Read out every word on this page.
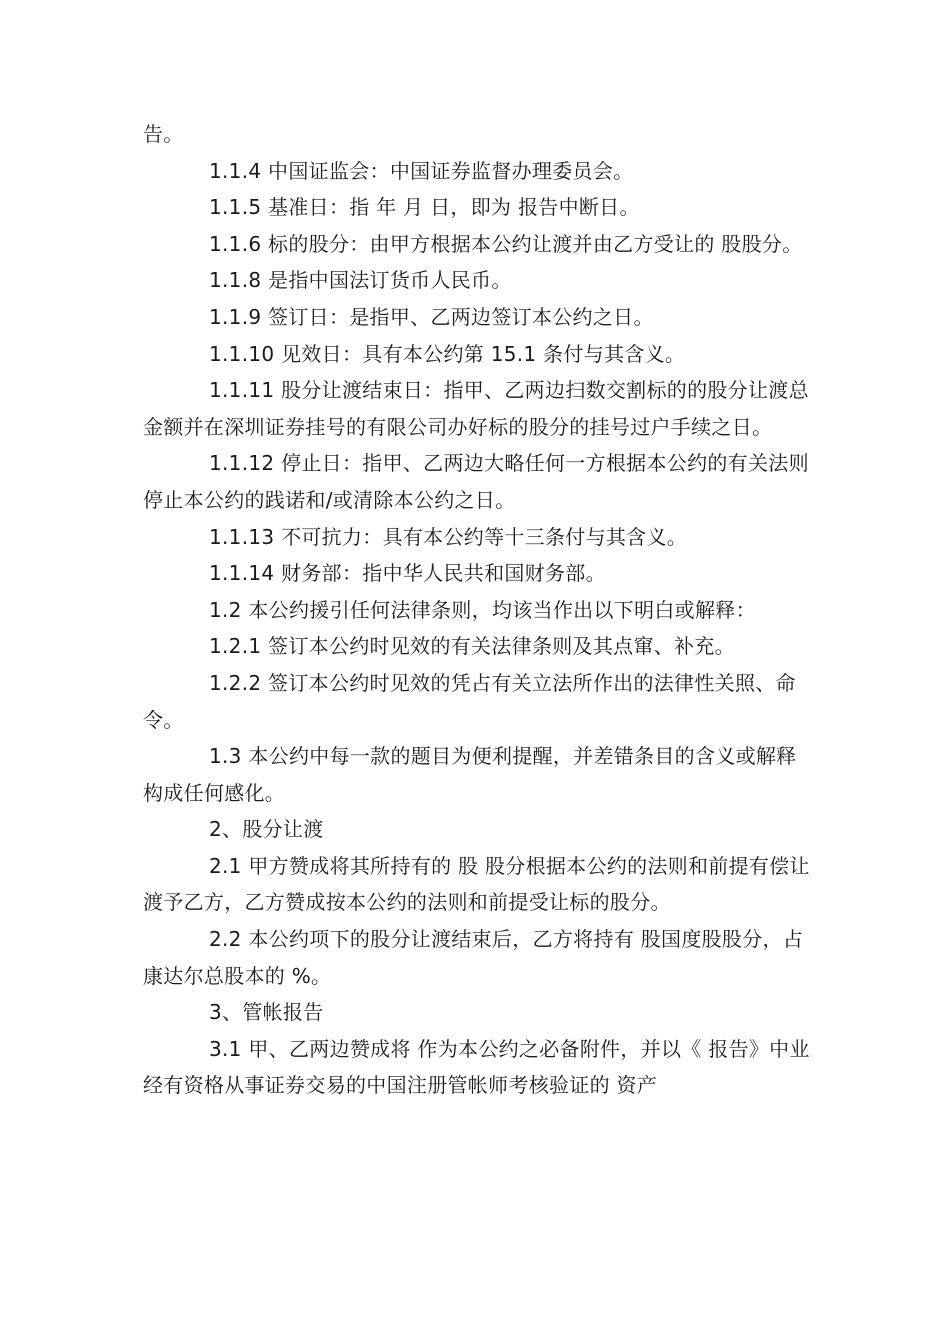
告。

1.1.4 中国证监会：中国证券监督办理委员会。

1.1.5 基准日：指 年 月 日，即为 报告中断日。

1.1.6 标的股分：由甲方根据本公约让渡并由乙方受让的 股股分。

1.1.8 是指中国法订货币人民币。

1.1.9 签订日：是指甲、乙两边签订本公约之日。

1.1.10 见效日：具有本公约第 15.1 条付与其含义。

1.1.11 股分让渡结束日：指甲、乙两边扫数交割标的的股分让渡总金额并在深圳证券挂号的有限公司办好标的股分的挂号过户手续之日。

1.1.12 停止日：指甲、乙两边大略任何一方根据本公约的有关法则停止本公约的践诺和/或清除本公约之日。

1.1.13 不可抗力：具有本公约等十三条付与其含义。

1.1.14 财务部：指中华人民共和国财务部。

1.2 本公约援引任何法律条则，均该当作出以下明白或解释：

1.2.1 签订本公约时见效的有关法律条则及其点窜、补充。

1.2.2 签订本公约时见效的凭占有关立法所作出的法律性关照、命令。

1.3 本公约中每一款的题目为便利提醒，并差错条目的含义或解释构成任何感化。

2、股分让渡

2.1 甲方赞成将其所持有的 股 股分根据本公约的法则和前提有偿让渡予乙方，乙方赞成按本公约的法则和前提受让标的股分。

2.2 本公约项下的股分让渡结束后，乙方将持有 股国度股股分，占康达尔总股本的 %。

3、管帐报告

3.1 甲、乙两边赞成将 作为本公约之必备附件，并以《 报告》中业经有资格从事证券交易的中国注册管帐师考核验证的 资产
